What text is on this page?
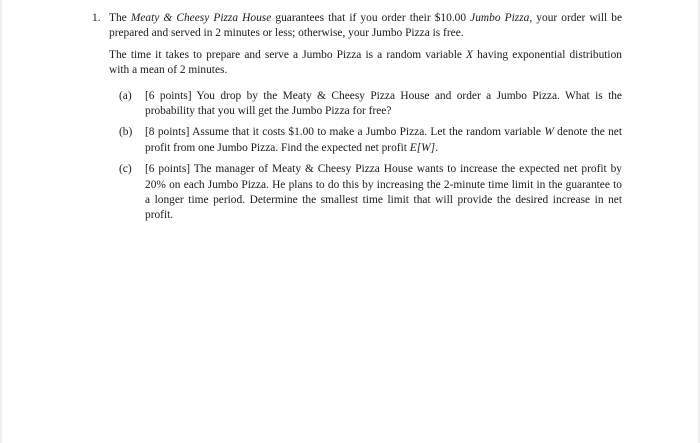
1. The Meaty & Cheesy Pizza House guarantees that if you order their $10.00 Jumbo Pizza, your order will be prepared and served in 2 minutes or less; otherwise, your Jumbo Pizza is free.

The time it takes to prepare and serve a Jumbo Pizza is a random variable X having exponential distribution with a mean of 2 minutes.

(a) [6 points] You drop by the Meaty & Cheesy Pizza House and order a Jumbo Pizza. What is the probability that you will get the Jumbo Pizza for free?
(b) [8 points] Assume that it costs $1.00 to make a Jumbo Pizza. Let the random variable W denote the net profit from one Jumbo Pizza. Find the expected net profit E[W].
(c) [6 points] The manager of Meaty & Cheesy Pizza House wants to increase the expected net profit by 20% on each Jumbo Pizza. He plans to do this by increasing the 2-minute time limit in the guarantee to a longer time period. Determine the smallest time limit that will provide the desired increase in net profit.
